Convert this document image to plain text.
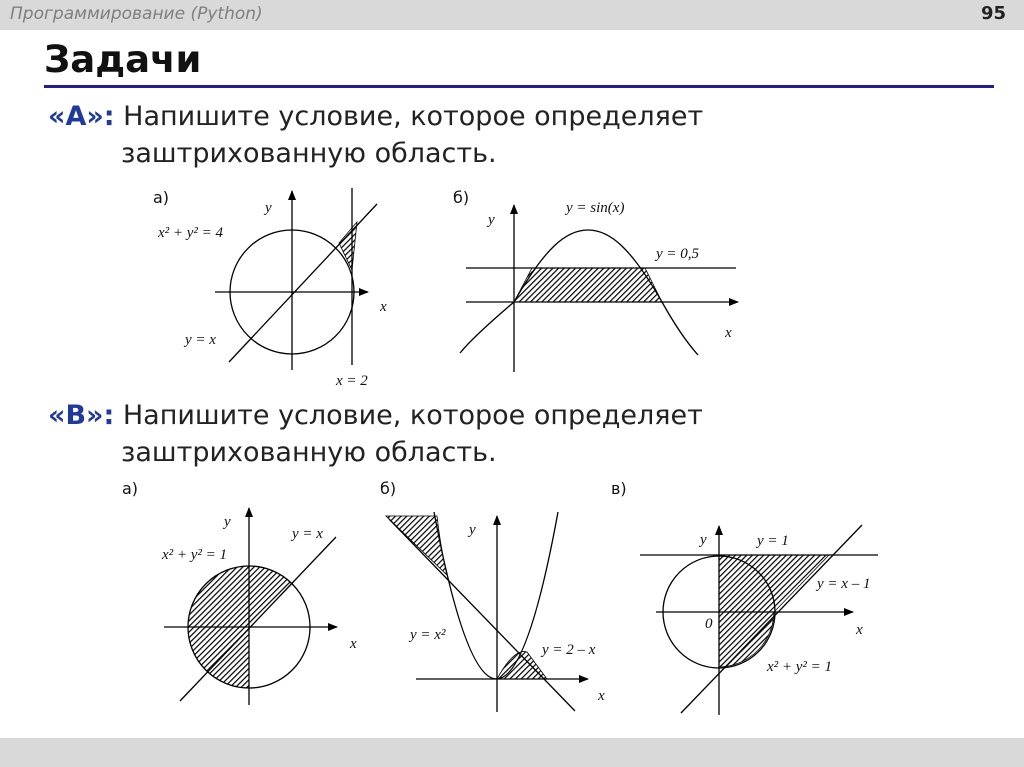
Программирование (Python)	95
Задачи
«A»: Напишите условие, которое определяет
заштрихованную область.
«B»: Напишите условие, которое определяет
заштрихованную область.
а)
y
x
x² + y² = 4
y = x
x = 2
б)
y
x
y = sin(x)
y = 0,5
а)
y
x
y = x
x² + y² = 1
б)
y
x
y = x²
y = 2 – x
в)
y
x
0
y = 1
y = x – 1
x² + y² = 1
